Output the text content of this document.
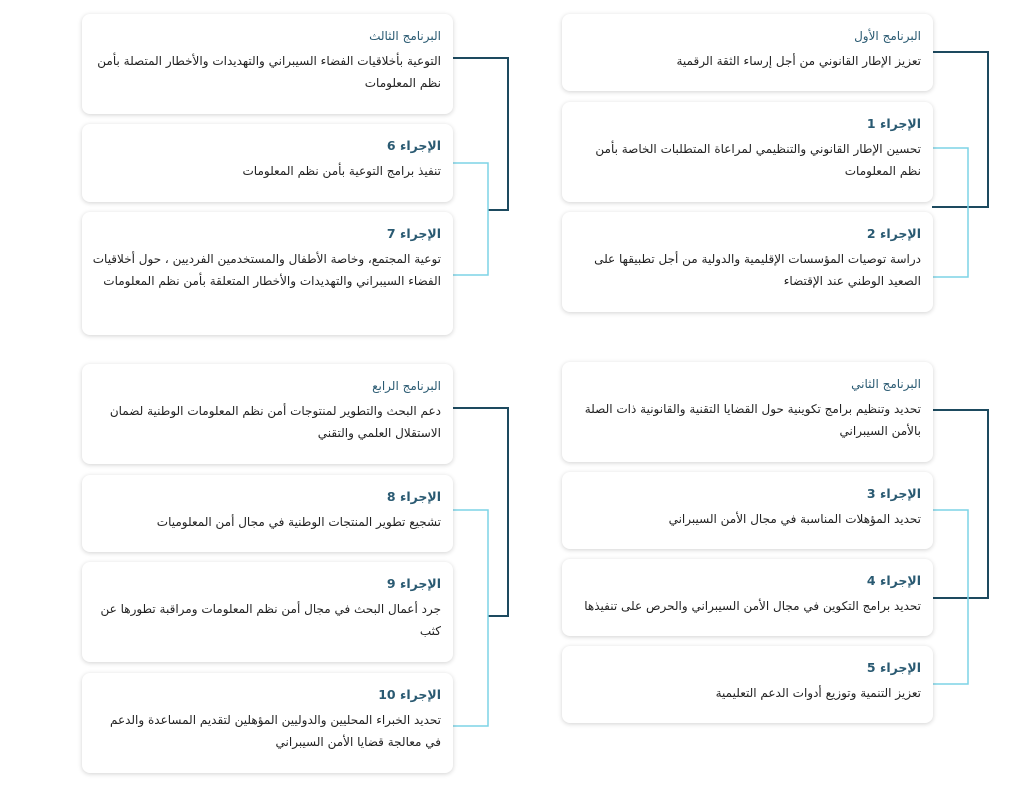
البرنامج الأول
تعزيز الإطار القانوني من أجل إرساء الثقة الرقمية
الإجراء 1
تحسين الإطار القانوني والتنظيمي لمراعاة المتطلبات الخاصة بأمن نظم المعلومات
الإجراء 2
دراسة توصيات المؤسسات الإقليمية والدولية من أجل تطبيقها على الصعيد الوطني عند الإقتضاء
البرنامج الثالث
التوعية بأخلاقيات الفضاء السيبراني والتهديدات والأخطار المتصلة بأمن نظم المعلومات
الإجراء 6
تنفيذ برامج التوعية بأمن نظم المعلومات
الإجراء 7
توعية المجتمع، وخاصة الأطفال والمستخدمين الفرديين ، حول أخلاقيات الفضاء السيبراني والتهديدات والأخطار المتعلقة بأمن نظم المعلومات
البرنامج الثاني
تحديد وتنظيم برامج تكوينية حول القضايا التقنية والقانونية ذات الصلة بالأمن السيبراني
الإجراء 3
تحديد المؤهلات المناسبة في مجال الأمن السيبراني
الإجراء 4
تحديد برامج التكوين في مجال الأمن السيبراني والحرص على تنفيذها
الإجراء 5
تعزيز التنمية وتوزيع أدوات الدعم التعليمية
البرنامج الرابع
دعم البحث والتطوير لمنتوجات أمن نظم المعلومات الوطنية لضمان الاستقلال العلمي والتقني
الإجراء 8
تشجيع تطوير المنتجات الوطنية في مجال أمن المعلوميات
الإجراء 9
جرد أعمال البحث في مجال أمن نظم المعلومات ومراقبة تطورها عن كثب
الإجراء 10
تحديد الخبراء المحليين والدوليين المؤهلين لتقديم المساعدة والدعم في معالجة قضايا الأمن السيبراني
